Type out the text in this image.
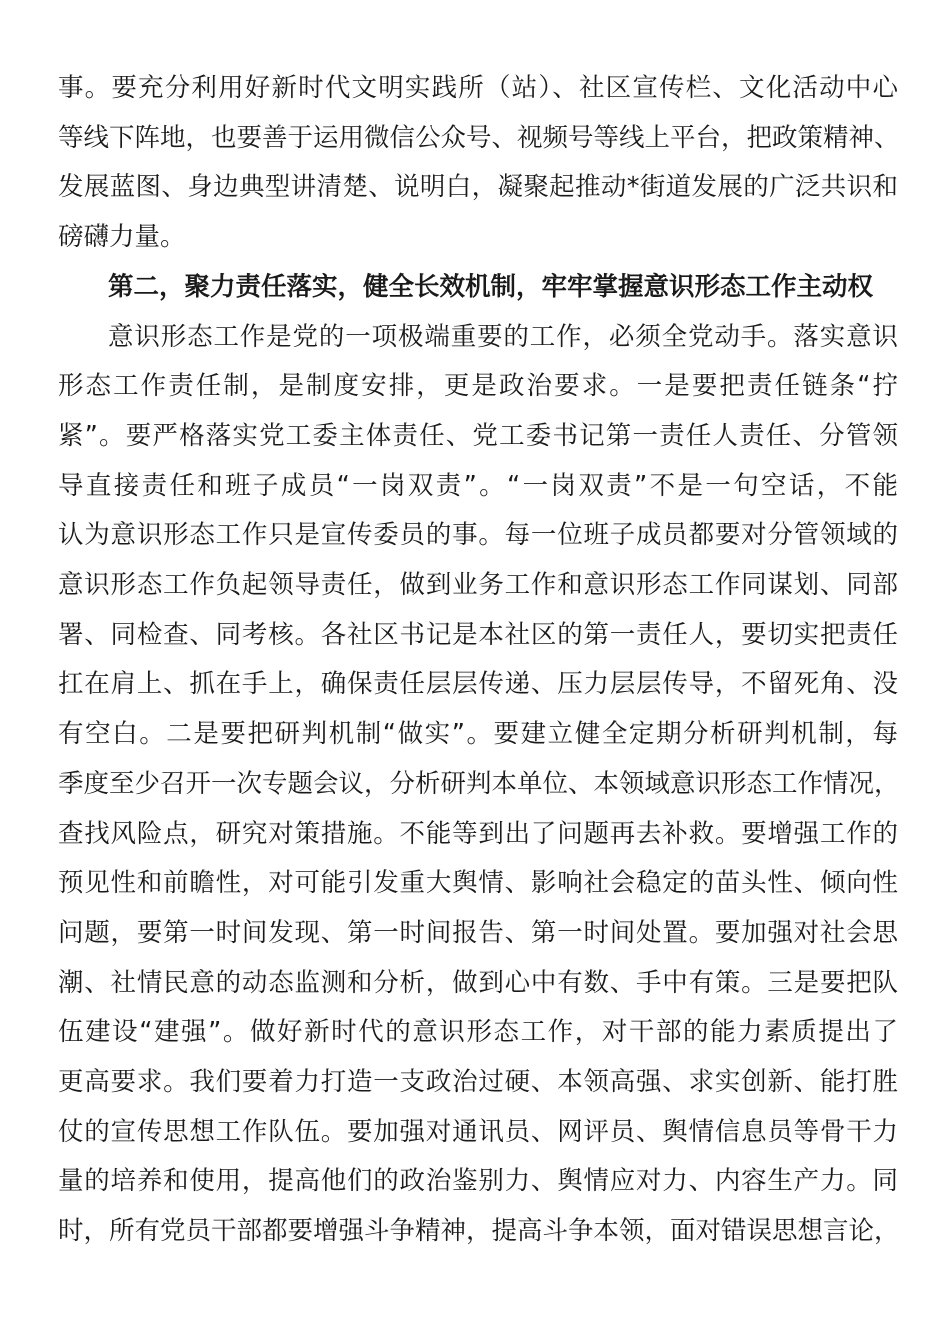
事。要充分利用好新时代文明实践所（站）、社区宣传栏、文化活动中心
等线下阵地，也要善于运用微信公众号、视频号等线上平台，把政策精神、
发展蓝图、身边典型讲清楚、说明白，凝聚起推动*街道发展的广泛共识和
磅礴力量。
第二，聚力责任落实，健全长效机制，牢牢掌握意识形态工作主动权
意识形态工作是党的一项极端重要的工作，必须全党动手。落实意识
形态工作责任制，是制度安排，更是政治要求。一是要把责任链条“拧
紧”。要严格落实党工委主体责任、党工委书记第一责任人责任、分管领
导直接责任和班子成员“一岗双责”。“一岗双责”不是一句空话，不能
认为意识形态工作只是宣传委员的事。每一位班子成员都要对分管领域的
意识形态工作负起领导责任，做到业务工作和意识形态工作同谋划、同部
署、同检查、同考核。各社区书记是本社区的第一责任人，要切实把责任
扛在肩上、抓在手上，确保责任层层传递、压力层层传导，不留死角、没
有空白。二是要把研判机制“做实”。要建立健全定期分析研判机制，每
季度至少召开一次专题会议，分析研判本单位、本领域意识形态工作情况，
查找风险点，研究对策措施。不能等到出了问题再去补救。要增强工作的
预见性和前瞻性，对可能引发重大舆情、影响社会稳定的苗头性、倾向性
问题，要第一时间发现、第一时间报告、第一时间处置。要加强对社会思
潮、社情民意的动态监测和分析，做到心中有数、手中有策。三是要把队
伍建设“建强”。做好新时代的意识形态工作，对干部的能力素质提出了
更高要求。我们要着力打造一支政治过硬、本领高强、求实创新、能打胜
仗的宣传思想工作队伍。要加强对通讯员、网评员、舆情信息员等骨干力
量的培养和使用，提高他们的政治鉴别力、舆情应对力、内容生产力。同
时，所有党员干部都要增强斗争精神，提高斗争本领，面对错误思想言论，
